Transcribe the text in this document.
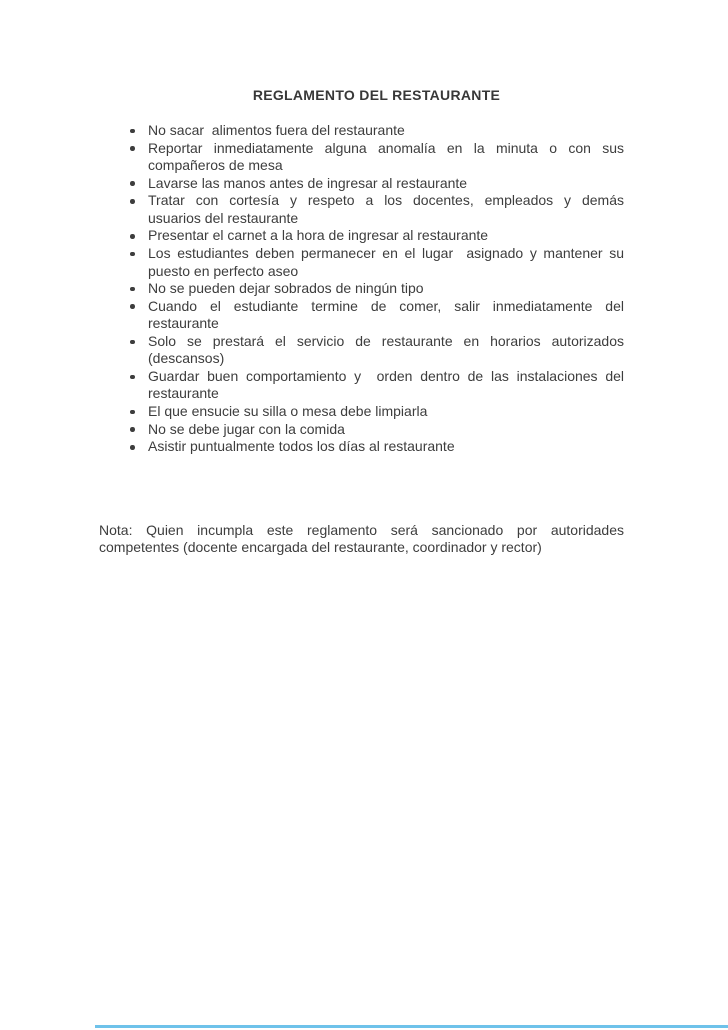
REGLAMENTO DEL RESTAURANTE
No sacar  alimentos fuera del restaurante
Reportar inmediatamente alguna anomalía en la minuta o con sus
compañeros de mesa
Lavarse las manos antes de ingresar al restaurante
Tratar con cortesía y respeto a los docentes, empleados y demás
usuarios del restaurante
Presentar el carnet a la hora de ingresar al restaurante
Los estudiantes deben permanecer en el lugar  asignado y mantener su
puesto en perfecto aseo
No se pueden dejar sobrados de ningún tipo
Cuando el estudiante termine de comer, salir inmediatamente del
restaurante
Solo se prestará el servicio de restaurante en horarios autorizados
(descansos)
Guardar buen comportamiento y  orden dentro de las instalaciones del
restaurante
El que ensucie su silla o mesa debe limpiarla
No se debe jugar con la comida
Asistir puntualmente todos los días al restaurante

Nota: Quien incumpla este reglamento será sancionado por autoridades
competentes (docente encargada del restaurante, coordinador y rector)
